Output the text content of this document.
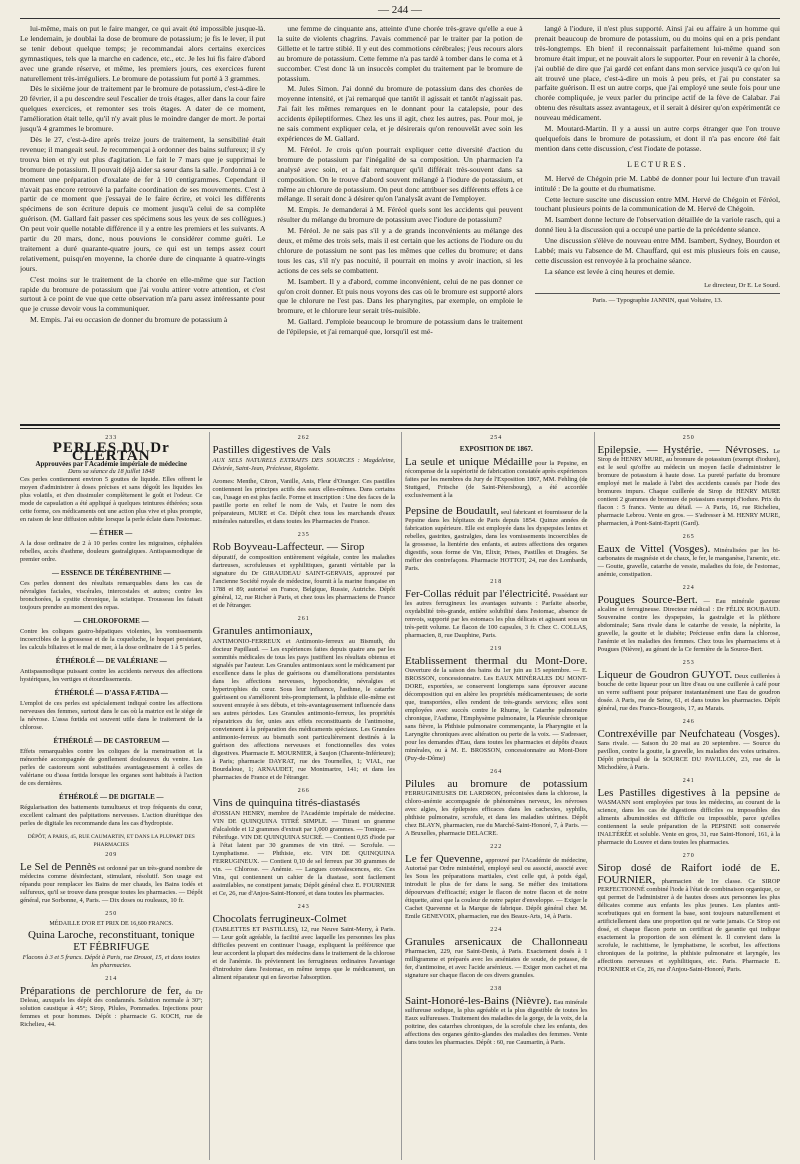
— 244 —

lui-même, mais on put le faire manger, ce qui avait été impossible jusque-là. Le lendemain, je doublai la dose de bromure de potassium; je fis le lever, il put se tenir debout quelque temps; je recommandai alors certains exercices gymnastiques, tels que la marche en cadence, etc., etc. Je les lui fis faire d'abord avec une grande réserve, et même, les premiers jours, ces exercices furent naturellement très-irréguliers. Le bromure de potassium fut porté à 3 grammes.

Dès le sixième jour de traitement par le bromure de potassium, c'est-à-dire le 20 février, il a pu descendre seul l'escalier de trois étages, aller dans la cour faire quelques exercices, et remonter ses trois étages. A dater de ce moment, l'amélioration était telle, qu'il n'y avait plus le moindre danger de mort. Je portai jusqu'à 4 grammes le bromure.

Dès le 27, c'est-à-dire après treize jours de traitement, la sensibilité était revenue; il mangeait seul. Je recommençai à ordonner des bains sulfureux; il s'y trouva bien et n'y eut plus d'agitation. Le fait le 7 mars que je supprimai le bromure de potassium. Il pouvait déjà aider sa sœur dans la salle. J'ordonnai à ce moment une préparation d'oxalate de fer à 10 centigrammes. Cependant il n'avait pas encore retrouvé la parfaite coordination de ses mouvements. C'est à partir de ce moment que j'essayai de le faire écrire, et voici les différents spécimens de son écriture depuis ce moment jusqu'à celui de sa complète guérison. (M. Gallard fait passer ces spécimens sous les yeux de ses collègues.) On peut voir quelle notable différence il y a entre les premiers et les suivants. A partir du 20 mars, donc, nous pouvions le considérer comme guéri. Le traitement a duré quarante-quatre jours, ce qui est un temps assez court relativement, puisqu'en moyenne, la chorée dure de cinquante à quatre-vingts jours.

C'est moins sur le traitement de la chorée en elle-même que sur l'action rapide du bromure de potassium que j'ai voulu attirer votre attention, et c'est surtout à ce point de vue que cette observation m'a paru assez intéressante pour que je crusse devoir vous la communiquer.

M. Empis. J'ai eu occasion de donner du bromure de potassium à

une femme de cinquante ans, atteinte d'une chorée très-grave qu'elle a eue à la suite de violents chagrins. J'avais commencé par le traiter par la potion de Gillette et le tartre stibié. Il y eut des commotions cérébrales; j'eus recours alors au bromure de potassium. Cette femme n'a pas tardé à tomber dans le coma et à succomber. C'est donc là un insuccès complet du traitement par le bromure de potassium.

M. Jules Simon. J'ai donné du bromure de potassium dans des chorées de moyenne intensité, et j'ai remarqué que tantôt il agissait et tantôt n'agissait pas. J'ai fait les mêmes remarques en le donnant pour la catalepsie, pour des accidents épileptiformes. Chez les uns il agit, chez les autres, pas. Pour moi, je ne sais comment expliquer cela, et je désirerais qu'on renouvelât avec soin les expériences de M. Gallard.

M. Féréol. Je crois qu'on pourrait expliquer cette diversité d'action du bromure de potassium par l'inégalité de sa composition. Un pharmacien l'a analysé avec soin, et a fait remarquer qu'il différait très-souvent dans sa composition. On le trouve d'abord souvent mélangé à l'iodure de potassium, et même au chlorure de potassium. On peut donc attribuer ses différents effets à ce mélange. Il serait donc à désirer qu'on l'analysât avant de l'employer.

M. Empis. Je demanderai à M. Féréol quels sont les accidents qui peuvent résulter du mélange du bromure de potassium avec l'iodure de potassium?

M. Féréol. Je ne sais pas s'il y a de grands inconvénients au mélange des deux, et même des trois sels, mais il est certain que les actions de l'iodure ou du chlorure de potassium ne sont pas les mêmes que celles du bromure; et dans tous les cas, s'il n'y pas nocuité, il pourrait en moins y avoir inaction, si les actions de ces sels se combattent.

M. Isambert. Il y a d'abord, comme inconvénient, celui de ne pas donner ce qu'on croit donner. Et puis nous voyons des cas où le bromure est supporté alors que le chlorure ne l'est pas. Dans les pharyngites, par exemple, on emploie le bromure, et le chlorure leur serait très-nuisible.

M. Gallard. J'emploie beaucoup le bromure de potassium dans le traitement de l'épilepsie, et j'ai remarqué que, lorsqu'il est mé-

langé à l'iodure, il n'est plus supporté. Ainsi j'ai eu affaire à un homme qui prenait beaucoup de bromure de potassium, ou du moins qui en a pris pendant très-longtemps. Eh bien! il reconnaissait parfaitement lui-même quand son bromure était impur, et ne pouvait alors le supporter. Pour en revenir à la chorée, j'ai oublié de dire que j'ai gardé cet enfant dans mon service jusqu'à ce qu'on lui ait trouvé une place, c'est-à-dire un mois à peu près, et j'ai pu constater sa parfaite guérison. Il est un autre corps, que j'ai employé une seule fois pour une chorée compliquée, je veux parler du principe actif de la fève de Calabar. J'ai obtenu des résultats assez avantageux, et il serait à désirer qu'on expérimentât ce nouveau médicament.

M. Moutard-Martin. Il y a aussi un autre corps étranger que l'on trouve quelquefois dans le bromure de potassium, et dont il n'a pas encore été fait mention dans cette discussion, c'est l'iodate de potasse.

LECTURES.

M. Hervé de Chégoin prie M. Labbé de donner pour lui lecture d'un travail intitulé : De la goutte et du rhumatisme.

Cette lecture suscite une discussion entre MM. Hervé de Chégoin et Féréol, touchant plusieurs points de la communication de M. Hervé de Chégoin.

M. Isambert donne lecture de l'observation détaillée de la variole rasch, qui a donné lieu à la discussion qui a occupé une partie de la précédente séance.

Une discussion s'élève de nouveau entre MM. Isambert, Sydney, Bourdon et Labbé; mais vu l'absence de M. Chauffard, qui est mis plusieurs fois en cause, cette discussion est renvoyée à la prochaine séance.

La séance est levée à cinq heures et demie.

Le directeur, Dr E. Le Sourd.
Paris. — Typographie JANNIN, quai Voltaire, 13.
233
PERLES DU Dr CLERTAN
Approuvées par l'Académie impériale de médecine
Dans sa séance du 18 juillet 1848
Ces perles contiennent environ 5 gouttes de liquide. Elles offrent le moyen d'administrer à doses précises et sans dégoût les liquides les plus volatils, et d'en dissimuler complètement le goût et l'odeur. Ce mode de capsulation a été appliqué à quelques teintures éthérées; sous cette forme, ces médicaments ont une action plus vive et plus prompte, en raison de leur diffusion subite lorsque la perle éclate dans l'estomac.
— ÉTHER —
A la dose ordinaire de 2 à 10 perles contre les migraines, céphalées rebelles, accès d'asthme, douleurs gastralgiques. Antispasmodique de premier ordre.
— ESSENCE DE TÉRÉBENTHINE —
Ces perles donnent des résultats remarquables dans les cas de névralgies faciales, viscérales, intercostales et autres; contre les bronchorées, la cystite chronique, la sciatique. Trousseau les faisait toujours prendre au moment des repas.
— CHLOROFORME —
Contre les coliques gastro-hépatiques violentes, les vomissements incoercibles de la grossesse et de la coqueluche, le hoquet persistant, les calculs biliaires et le mal de mer, à la dose ordinaire de 1 à 5 perles.
ÉTHÉROLÉ — DE VALÉRIANE —
Antispasmodique puissant contre les accidents nerveux des affections hystériques, les vertiges et étourdissements.
ÉTHÉROLÉ — D'ASSA FÆTIDA —
L'emploi de ces perles est spécialement indiqué contre les affections nerveuses des femmes, surtout dans le cas où la matrice est le siége de la névrose. L'assa fœtida est souvent utile dans le traitement de la chlorose.
ÉTHÉROLÉ — DE CASTOREUM —
Effets remarquables contre les coliques de la menstruation et la ménorrhée accompagnée de gonflement douloureux du ventre. Les perles de castoreum sont substituées avantageusement à celles de valériane ou d'assa fœtida lorsque les organes sont habitués à l'action de ces dernières.
ÉTHÉROLÉ — DE DIGITALE —
Régularisation des battements tumultueux et trop fréquents du cœur, excellent calmant des palpitations nerveuses. L'action diurétique des perles de digitale les recommande dans les cas d'hydropisie.
DÉPÔT, A PARIS, 45, RUE CAUMARTIN, ET DANS LA PLUPART DES PHARMACIES
209
Le Sel de Pennès est ordonné par un très-grand nombre de médecins comme désinfectant, stimulant, résolutif. Son usage est répandu pour remplacer les Bains de mer chauds, les Bains iodés et sulfureux, qu'il se trouve dans presque toutes les pharmacies. — Dépôt général, rue Sorbonne, 4, Paris. — Dix doses ou rouleaux, 10 fr.
250
MÉDAILLE D'OR ET PRIX DE 16,600 FRANCS.
Quina Laroche, reconstituant, tonique ET FÉBRIFUGE
Flacons à 3 et 5 francs. Dépôt à Paris, rue Drouot, 15, et dans toutes les pharmacies.
214
Préparations de perchlorure de fer, du Dr Deleau, auxquels les dépôt des condamnés. Solution normale à 30°; solution caustique à 45°; Sirop, Pilules, Pommades. Injections pour femmes et pour hommes. Dépôt : pharmacie G. KOCH, rue de Richelieu, 44.
262
Pastilles digestives de Vals
AUX SELS NATURELS EXTRAITS DES SOURCES : Magdeleine, Désirée, Saint-Jean, Précieuse, Rigolette.
Aromes: Menthe, Citron, Vanille, Anis, Fleur d'Oranger. Ces pastilles contiennent les principes actifs des eaux elles-mêmes. Dans certains cas, l'usage en est plus facile. Forme et inscription : Une des faces de la pastille porte en relief le nom de Vals, et l'autre le nom des préparateurs, MURE et Ce. Dépôt chez tous les marchands d'eaux minérales naturelles, et dans toutes les Pharmacies de France.
235
Rob Boyveau-Laffecteur. — Sirop
dépuratif, de composition entièrement végétale, contre les maladies dartreuses, scrofuleuses et syphilitiques, garanti véritable par la signature du Dr GIRAUDEAU SAINT-GERVAIS, approuvé par l'ancienne Société royale de médecine, fournit à la marine française en 1788 et 89; autorisé en France, Belgique, Russie, Autriche. Dépôt général, 12, rue Richer à Paris, et chez tous les pharmaciens de France et de l'étranger.
261
Granules antimoniaux,
ANTIMONIO-FERREUX et Antimonio-ferreux au Bismuth, du docteur Papillaud. — Les expériences faites depuis quatre ans par les sommités médicales de tous les pays justifient les résultats obtenus et signalés par l'auteur. Les Granules antimoniaux sont le médicament par excellence dans le plus de guérisons ou d'améliorations persistantes dans les affections nerveuses, hypochondrie, névralgies et hypertrophies du cœur. Sous leur influence, l'asthme, le catarrhe guérissent ou s'améliorent très-promptement, la phthisie elle-même est souvent enrayée à ses débuts, et très-avantageusement influencée dans ses autres périodes. Les Granules antimonio-ferreux, les propriétés réparatrices du fer, unies aux effets reconstituants de l'antimoine, conviennent à la préparation des médicaments spéciaux. Les Granules antimonio-ferreux au bismuth sont particulièrement destinés à la guérison des affections nerveuses et fonctionnelles des voies digestives. Pharmacie E. MOURNIER, à Saujon (Charente-Inférieure); à Paris; pharmacie DAYRAT, rue des Tournelles, 1; VIAL, rue Bourdaloue, 1; ARNAUDET, rue Montmartre, 141; et dans les pharmacies de France et de l'étranger.
266
Vins de quinquina titrés-diastasés
d'OSSIAN HENRY, membre de l'Académie impériale de médecine. VIN DE QUINQUINA TITRÉ SIMPLE. — Titrant un gramme d'alcaloïde et 12 grammes d'extrait par 1,000 grammes. — Tonique. — Fébrifuge. VIN DE QUINQUINA SUCRÉ. — Contient 0,65 d'iode par à l'état latent par 30 grammes de vin titré. — Scrofule. — Lymphatisme. — Phthisie, etc. VIN DE QUINQUINA FERRUGINEUX. — Contient 0,10 de sel ferreux par 30 grammes de vin. — Chlorose. — Anémie. — Langues convalescences, etc. Ces Vins, qui contiennent un cahier de la diastase, sont facilement assimilables, ne constipent jamais; Dépôt général chez E. FOURNIER et Ce, 26, rue d'Anjou-Saint-Honoré, et dans toutes les pharmacies.
243
Chocolats ferrugineux-Colmet
(TABLETTES ET PASTILLES), 12, rue Neuve Saint-Merry, à Paris. — Leur goût agréable, la facilité avec laquelle les personnes les plus difficiles peuvent en continuer l'usage, expliquent la préférence que leur accordent la plupart des médecins dans le traitement de la chlorose et de l'anémie. Ils préviennent les ferrugineux ordinaires l'avantage d'introduire dans l'estomac, en même temps que le médicament, un aliment réparateur qui en favorise l'absorption.
254
EXPOSITION DE 1867.
La seule et unique Médaille pour la Pepsine, en récompense de la supériorité de fabrication constatée après expériences faites par les membres du Jury de l'Exposition 1867, MM. Fehling (de Stuttgard, Fritsche (de Saint-Pétersbourg), a été accordée exclusivement à la
Pepsine de Boudault, seul fabricant et fournisseur de la Pepsine dans les hôpitaux de Paris depuis 1854. Quinze années de fabrication supérieure. Elle est employée dans les dyspepsies lentes et rebelles, gastrites, gastralgies, dans les vomissements incoercibles de la grossesse, la lientérie des enfants, et autres affections des organes digestifs, sous forme de Vin, Elixir, Prises, Pastilles et Dragées. Se méfier des contrefaçons. Pharmacie HOTTOT, 24, rue des Lombards, Paris.
218
Fer-Collas réduit par l'électricité. Possédant sur les autres ferrugineux les avantages suivants : Parfaite absorbe, oxydabilité très-grande, entière solubilité dans l'estomac, absence de renvois, supporté par les estomacs les plus délicats et agissant sous un très-petit volume. Le flacon de 100 capsules, 3 fr. Chez C. COLLAS, pharmacien, 8, rue Dauphine, Paris.
219
Etablissement thermal du Mont-Dore. Ouverture de la saison des bains du 1er juin au 15 septembre. — E. BROSSON, concessionnaire. Les EAUX MINÉRALES DU MONT-DORE, exportées, se conservent longtemps sans éprouver aucune décomposition qui en altère les propriétés médicamenteuses; de sorte que, transportées, elles rendent de très-grands services; elles sont employées avec succès contre le Rhume, le Catarrhe pulmonaire chronique, l'Asthme, l'Emphysème pulmonaire, la Pleurésie chronique sans fièvre, la Phthisie pulmonaire commençante, la Pharyngite et la Laryngite chroniques avec altération ou perte de la voix. — S'adresser, pour les demandes d'Eau, dans toutes les pharmacies et dépôts d'eaux minérales, ou à M. E. BROSSON, concessionnaire au Mont-Dore (Puy-de-Dôme)
264
Pilules au bromure de potassium FERRUGINEUSES DE LARDRON, préconisées dans la chlorose, la chloro-anémie accompagnée de phénomènes nerveux, les névroses avec algies, les épilepsies efficaces dans les cachexies, syphilis, phthisie pulmonaire, scrofule, et dans les maladies utérines. Dépôt chez BLAYN, pharmacien, rue du Marché-Saint-Honoré, 7, à Paris. — A Bruxelles, pharmacie DELACRE.
222
Le fer Quevenne, approuvé par l'Académie de médecine, Autorisé par Ordre ministériel, employé seul ou associé, associé avec les Sous les préparations martiales, c'est celle qui, à poids égal, introduit le plus de fer dans le sang. Se méfier des imitations dépourvues d'efficacité; exiger le flacon de notre flacon et de notre étiquette, ainsi que la couleur de notre papier d'enveloppe. — Exiger le Cachet Quevenne et la Marque de fabrique. Dépôt général chez M. Emile GENEVOIX, pharmacien, rue des Beaux-Arts, 14, à Paris.
224
Granules arsenicaux de Challonneau Pharmacien, 229, rue Saint-Denis, à Paris. Exactement dosés à 1 milligramme et préparés avec les arséniates de soude, de potasse, de fer, d'antimoine, et avec l'acide arsénieux. — Exiger mon cachet et ma signature sur chaque flacon de ces divers granules.
238
Saint-Honoré-les-Bains (Nièvre). Eau minérale sulfureuse sodique, la plus agréable et la plus digestible de toutes les Eaux sulfureuses. Traitement des maladies de la gorge, de la voix, de la poitrine, des catarrhes chroniques, de la scrofule chez les enfants, des affections des organes génito-glandes des maladies des femmes. Vente dans toutes les pharmacies. Dépôt : 60, rue Caumartin, à Paris.
250
Epilepsie. — Hystérie. — Névroses. Le Sirop de HENRY MURE, au bromure de potassium (exempt d'iodure), est le seul qu'offre au médecin un moyen facile d'administrer le bromure de potassium à haute dose. La pureté parfaite du bromure employé met le malade à l'abri des accidents causés par l'iode des bromures impurs. Chaque cuillerée de Sirop de HENRY MURE contient 2 grammes de bromure de potassium exempt d'iodure. Prix du flacon : 5 francs. Vente au détail. — A Paris, 16, rue Richelieu, pharmacie Lebrou. Vente en gros. — S'adresser à M. HENRY MURE, pharmacien, à Pont-Saint-Esprit (Gard).
265
Eaux de Vittel (Vosges). Minéralisées par les bi-carbonates de magnésie et de chaux, le fer, le manganèse, l'arsenic, etc. — Goutte, gravelle, catarrhe de vessie, maladies du foie, de l'estomac, anémie, constipation.
224
Pougues Source-Bert. — Eau minérale gazeuse alcaline et ferrugineuse. Directeur médical : Dr FÉLIX ROUBAUD. Souveraine contre les dyspepsies, la gastralgie et la pléthore abdominale; Sans rivale dans le catarrhe de vessie, la néphrite, la gravelle, la goutte et le diabète; Précieuse enfin dans la chlorose, l'anémie et les maladies des femmes. Chez tous les pharmaciens et à Pougues (Nièvre), au gérant de la Ce fermière de la Source-Bert.
253
Liqueur de Goudron GUYOT. Deux cuillerées à bouche de cette liqueur pour un litre d'eau ou une cuillerée à café pour un verre suffisent pour préparer instantanément une Eau de goudron dosée. A Paris, rue de Seine, 61, et dans toutes les pharmacies. Dépôt général, rue des Francs-Bourgeois, 17, au Marais.
246
Contrexéville par Neufchateau (Vosges). Sans rivale. — Saison du 20 mai au 20 septembre. — Source du pavillon, contre la goutte, la gravelle, les maladies des voies urinaires. Dépôt principal de la SOURCE DU PAVILLON, 23, rue de la Michodière, à Paris.
241
Les Pastilles digestives à la pepsine de WASMANN sont employées par tous les médecins, au courant de la science, dans les cas de digestions difficiles ou impossibles des aliments albuminoïdes est difficile ou impossible, parce qu'elles contiennent la seule préparation de la PEPSINE soit conservée INALTÉRÉE et soluble. Vente en gros, 31, rue Saint-Honoré, 161, à la pharmacie du Louvre et dans toutes les pharmacies.
270
Sirop dosé de Raifort iodé de E. FOURNIER, pharmacien de 1re classe. Ce SIROP PERFECTIONNÉ combiné l'iode à l'état de combinaison organique, ce qui permet de l'administrer à de hautes doses aux personnes les plus délicates comme aux enfants les plus jeunes. Les plantes anti-scorbutiques qui en forment la base, sont toujours naturellement et artificiellement dans une proportion qui ne varie jamais. Ce Sirop est dosé, et chaque flacon porte un certificat de garantie qui indique exactement la proportion de son élément le. Il convient dans la scrofule, le rachitisme, le lymphatisme, le scorbut, les affections chroniques de la poitrine, la phthisie pulmonaire et laryngée, les affections nerveuses et syphilitiques, etc. Paris. Pharmacie E. FOURNIER et Ce, 26, rue d'Anjou-Saint-Honoré, Paris.
